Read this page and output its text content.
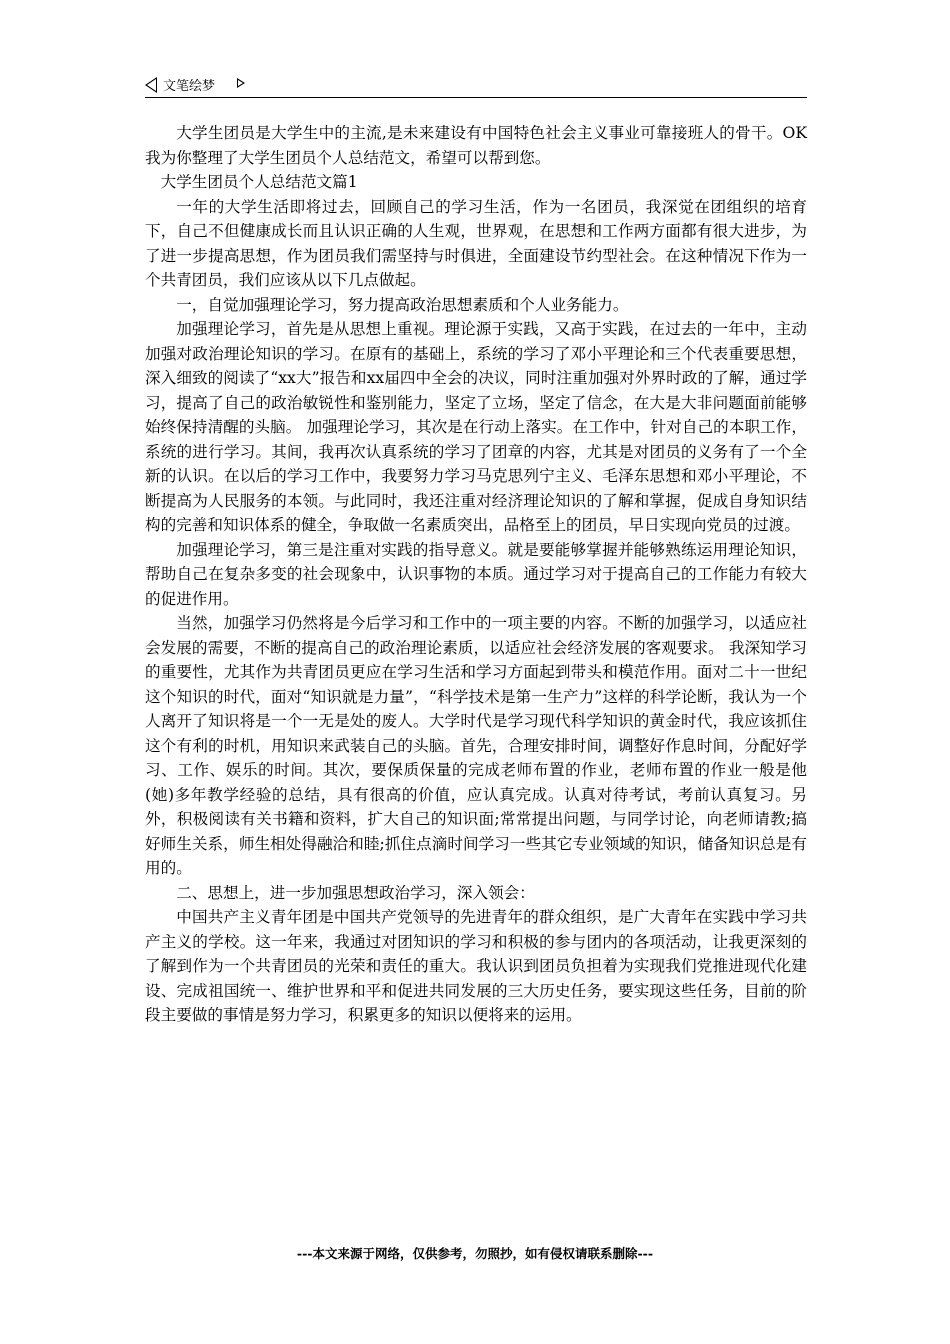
文笔绘梦

大学生团员是大学生中的主流,是未来建设有中国特色社会主义事业可靠接班人的骨干。OK我为你整理了大学生团员个人总结范文，希望可以帮到您。

大学生团员个人总结范文篇1

一年的大学生活即将过去，回顾自己的学习生活，作为一名团员，我深觉在团组织的培育下，自己不但健康成长而且认识正确的人生观，世界观，在思想和工作两方面都有很大进步，为了进一步提高思想，作为团员我们需坚持与时俱进，全面建设节约型社会。在这种情况下作为一个共青团员，我们应该从以下几点做起。

一，自觉加强理论学习，努力提高政治思想素质和个人业务能力。

加强理论学习，首先是从思想上重视。理论源于实践，又高于实践，在过去的一年中，主动加强对政治理论知识的学习。在原有的基础上，系统的学习了邓小平理论和三个代表重要思想，深入细致的阅读了“xx大”报告和xx届四中全会的决议，同时注重加强对外界时政的了解，通过学习，提高了自己的政治敏锐性和鉴别能力，坚定了立场，坚定了信念，在大是大非问题面前能够始终保持清醒的头脑。 加强理论学习，其次是在行动上落实。在工作中，针对自己的本职工作，系统的进行学习。其间，我再次认真系统的学习了团章的内容，尤其是对团员的义务有了一个全新的认识。在以后的学习工作中，我要努力学习马克思列宁主义、毛泽东思想和邓小平理论，不断提高为人民服务的本领。与此同时，我还注重对经济理论知识的了解和掌握，促成自身知识结构的完善和知识体系的健全，争取做一名素质突出，品格至上的团员，早日实现向党员的过渡。

加强理论学习，第三是注重对实践的指导意义。就是要能够掌握并能够熟练运用理论知识，帮助自己在复杂多变的社会现象中，认识事物的本质。通过学习对于提高自己的工作能力有较大的促进作用。

当然，加强学习仍然将是今后学习和工作中的一项主要的内容。不断的加强学习，以适应社会发展的需要，不断的提高自己的政治理论素质，以适应社会经济发展的客观要求。 我深知学习的重要性，尤其作为共青团员更应在学习生活和学习方面起到带头和模范作用。面对二十一世纪这个知识的时代，面对“知识就是力量”，“科学技术是第一生产力”这样的科学论断，我认为一个人离开了知识将是一个一无是处的废人。大学时代是学习现代科学知识的黄金时代，我应该抓住这个有利的时机，用知识来武装自己的头脑。首先，合理安排时间，调整好作息时间，分配好学习、工作、娱乐的时间。其次，要保质保量的完成老师布置的作业，老师布置的作业一般是他(她)多年教学经验的总结，具有很高的价值，应认真完成。认真对待考试，考前认真复习。另外，积极阅读有关书籍和资料，扩大自己的知识面;常常提出问题，与同学讨论，向老师请教;搞好师生关系，师生相处得融洽和睦;抓住点滴时间学习一些其它专业领域的知识，储备知识总是有用的。

二、思想上，进一步加强思想政治学习，深入领会：

中国共产主义青年团是中国共产党领导的先进青年的群众组织，是广大青年在实践中学习共产主义的学校。这一年来，我通过对团知识的学习和积极的参与团内的各项活动，让我更深刻的了解到作为一个共青团员的光荣和责任的重大。我认识到团员负担着为实现我们党推进现代化建设、完成祖国统一、维护世界和平和促进共同发展的三大历史任务，要实现这些任务，目前的阶段主要做的事情是努力学习，积累更多的知识以便将来的运用。

---本文来源于网络，仅供参考，勿照抄，如有侵权请联系删除---
